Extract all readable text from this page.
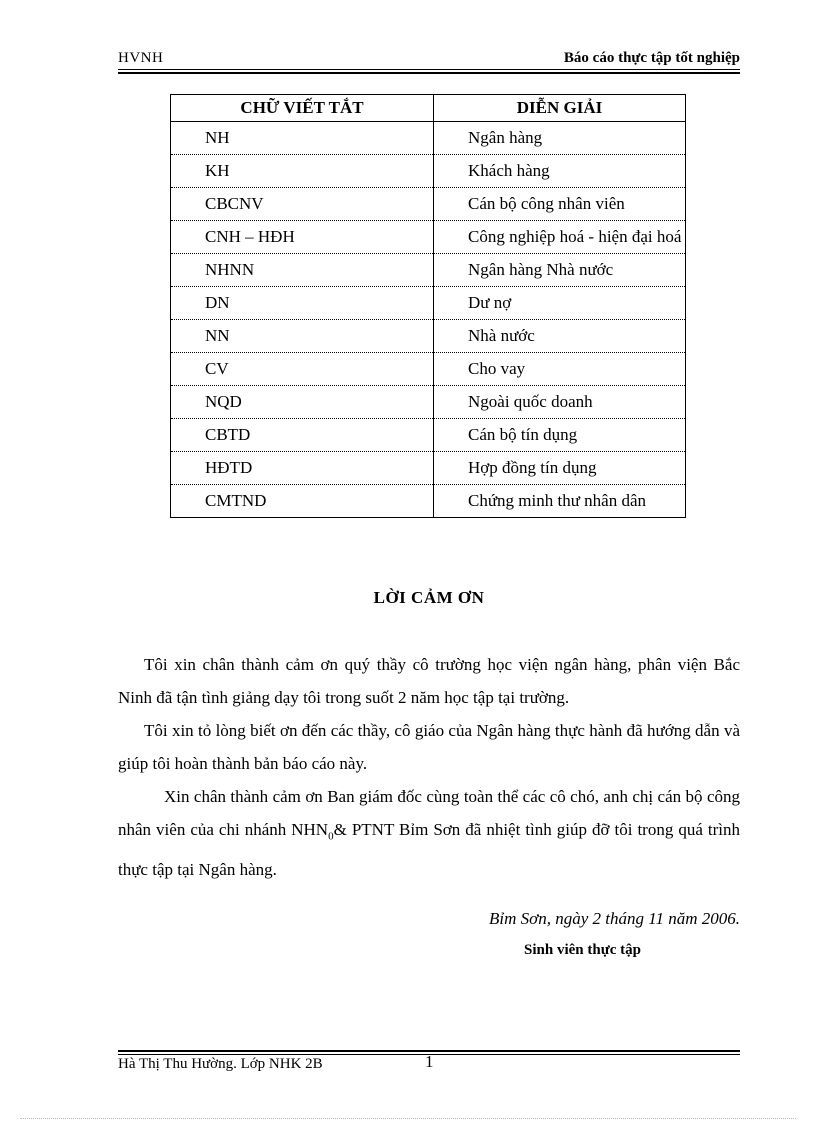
HVNH	Báo cáo thực tập tốt nghiệp
CHỮ VIẾT TẮT	DIỄN GIẢI
NH	Ngân hàng
KH	Khách hàng
CBCNV	Cán bộ công nhân viên
CNH – HĐH	Công nghiệp hoá - hiện đại hoá
NHNN	Ngân hàng Nhà nước
DN	Dư nợ
NN	Nhà nước
CV	Cho vay
NQD	Ngoài quốc doanh
CBTD	Cán bộ tín dụng
HĐTD	Hợp đồng tín dụng
CMTND	Chứng minh thư nhân dân
LỜI CẢM ƠN

Tôi xin chân thành cảm ơn quý thầy cô trường học viện ngân hàng, phân viện Bắc Ninh đã tận tình giảng dạy tôi trong suốt 2 năm học tập tại trường.

Tôi xin tỏ lòng biết ơn đến các thầy, cô giáo của Ngân hàng thực hành đã hướng dẫn và giúp tôi hoàn thành bản báo cáo này.

Xin chân thành cảm ơn Ban giám đốc cùng toàn thể các cô chó, anh chị cán bộ công nhân viên của chi nhánh $NHN_0\&$ PTNT Bỉm Sơn đã nhiệt tình giúp đỡ tôi trong quá trình thực tập tại Ngân hàng.

Bỉm Sơn, ngày 2 tháng 11 năm 2006.
Sinh viên thực tập
Hà Thị Thu Hường. Lớp NHK 2B	1
